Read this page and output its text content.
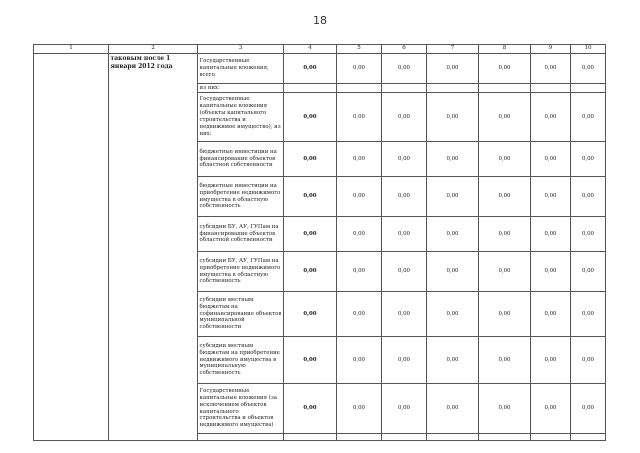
18
1	2	3	4	5	6	7	8	9	10
	таковым после 1 январи 2012 года	Государственные капитальные вложения, всего	0,00	0,00	0,00	0,00	0,00	0,00	0,00
		из них:							
		Государственные капитальные вложения (объекты капитального строительства и недвижимое имущество), из них:	0,00	0,00	0,00	0,00	0,00	0,00	0,00
		бюджетные инвестиции на финансирование объектов областной собственности	0,00	0,00	0,00	0,00	0,00	0,00	0,00
		бюджетные инвестиции на приобретение недвижимого имущества в областную собственность	0,00	0,00	0,00	0,00	0,00	0,00	0,00
		субсидии БУ, АУ, ГУПам на финансирование объектов областной собственности	0,00	0,00	0,00	0,00	0,00	0,00	0,00
		субсидии БУ, АУ, ГУПам на приобретение недвижимого имущества в областную собственность	0,00	0,00	0,00	0,00	0,00	0,00	0,00
		субсидии местным бюджетам на софинансирование объектов муниципальной собственности	0,00	0,00	0,00	0,00	0,00	0,00	0,00
		субсидии местным бюджетам на приобретение недвижимого имущества в муниципальную собственность	0,00	0,00	0,00	0,00	0,00	0,00	0,00
		Государственные капитальные вложения (за исключением объектов капитального строительства и объектов недвижимого имущества)	0,00	0,00	0,00	0,00	0,00	0,00	0,00
